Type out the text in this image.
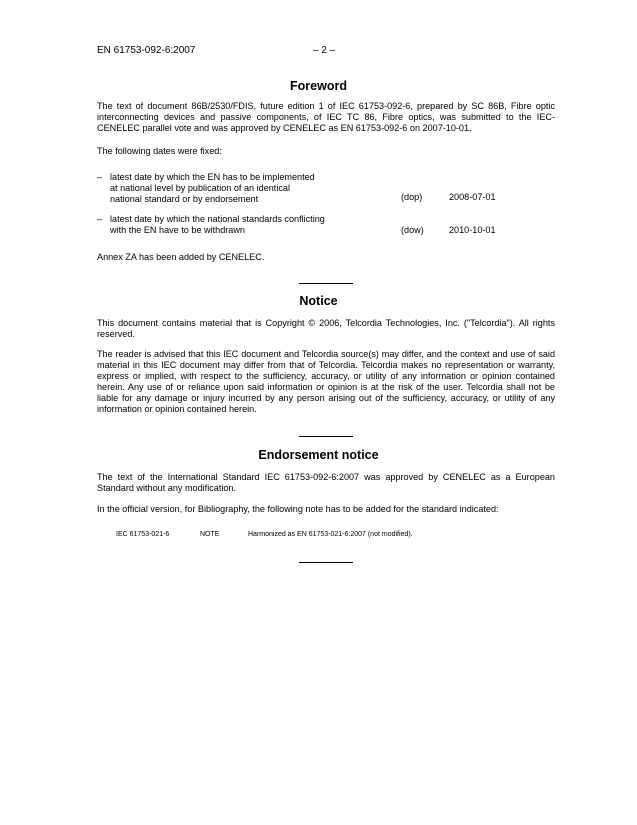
EN 61753-092-6:2007	– 2 –
Foreword
The text of document 86B/2530/FDIS, future edition 1 of IEC 61753-092-6, prepared by SC 86B, Fibre optic interconnecting devices and passive components, of IEC TC 86, Fibre optics, was submitted to the IEC-CENELEC parallel vote and was approved by CENELEC as EN 61753-092-6 on 2007-10-01.
The following dates were fixed:
– latest date by which the EN has to be implemented
at national level by publication of an identical
national standard or by endorsement	(dop)	2008-07-01
– latest date by which the national standards conflicting
with the EN have to be withdrawn	(dow)	2010-10-01
Annex ZA has been added by CENELEC.
Notice
This document contains material that is Copyright © 2006, Telcordia Technologies, Inc. ("Telcordia"). All rights reserved.
The reader is advised that this IEC document and Telcordia source(s) may differ, and the context and use of said material in this IEC document may differ from that of Telcordia. Telcordia makes no representation or warranty, express or implied, with respect to the sufficiency, accuracy, or utility of any information or opinion contained herein. Any use of or reliance upon said information or opinion is at the risk of the user. Telcordia shall not be liable for any damage or injury incurred by any person arising out of the sufficiency, accuracy, or utility of any information or opinion contained herein.
Endorsement notice
The text of the International Standard IEC 61753-092-6:2007 was approved by CENELEC as a European Standard without any modification.
In the official version, for Bibliography, the following note has to be added for the standard indicated:
IEC 61753-021-6	NOTE	Harmonized as EN 61753-021-6:2007 (not modified).
